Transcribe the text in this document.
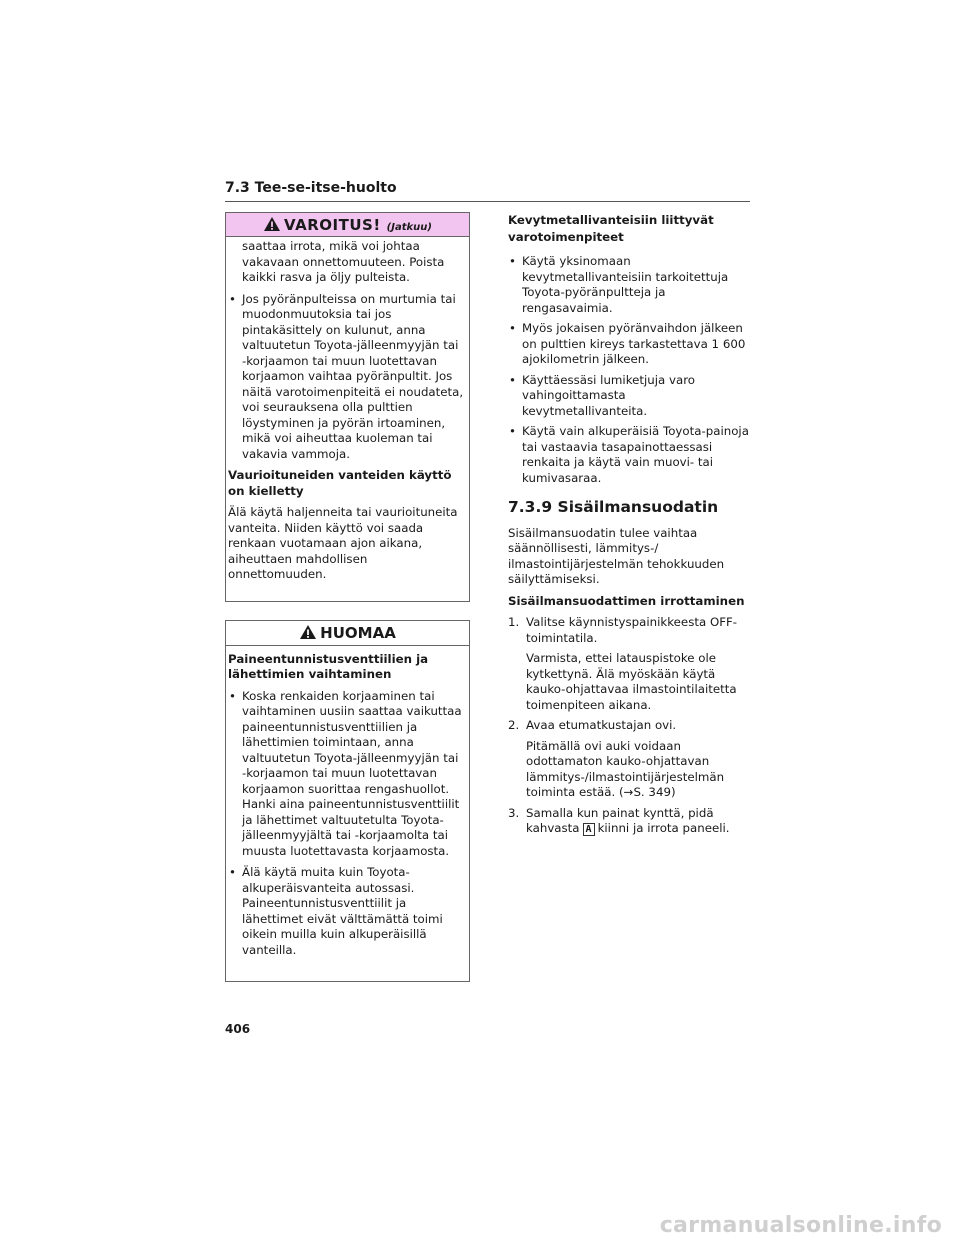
7.3 Tee-se-itse-huolto
VAROITUS! (Jatkuu)

saattaa irrota, mikä voi johtaa vakavaan onnettomuuteen. Poista kaikki rasva ja öljy pulteista.

• Jos pyöränpulteissa on murtumia tai muodonmuutoksia tai jos pintakäsittely on kulunut, anna valtuutetun Toyota-jälleenmyyjän tai -korjaamon tai muun luotettavan korjaamon vaihtaa pyöränpultit. Jos näitä varotoimenpiteitä ei noudateta, voi seurauksena olla pulttien löystyminen ja pyörän irtoaminen, mikä voi aiheuttaa kuoleman tai vakavia vammoja.

Vaurioituneiden vanteiden käyttö on kielletty

Älä käytä haljenneita tai vaurioituneita vanteita. Niiden käyttö voi saada renkaan vuotamaan ajon aikana, aiheuttaen mahdollisen onnettomuuden.

HUOMAA

Paineentunnistusventtiilien ja lähettimien vaihtaminen

• Koska renkaiden korjaaminen tai vaihtaminen uusiin saattaa vaikuttaa paineentunnistusventtiilien ja lähettimien toimintaan, anna valtuutetun Toyota-jälleenmyyjän tai -korjaamon tai muun luotettavan korjaamon suorittaa rengashuollot. Hanki aina paineentunnistusventtiilit ja lähettimet valtuutetulta Toyota-jälleenmyyjältä tai -korjaamolta tai muusta luotettavasta korjaamosta.
• Älä käytä muita kuin Toyota-alkuperäisvanteita autossasi. Paineentunnistusventtiilit ja lähettimet eivät välttämättä toimi oikein muilla kuin alkuperäisillä vanteilla.
Kevytmetallivanteisiin liittyvät varotoimenpiteet
• Käytä yksinomaan kevytmetallivanteisiin tarkoitettuja Toyota-pyöränpultteja ja rengasavaimia.
• Myös jokaisen pyöränvaihdon jälkeen on pulttien kireys tarkastettava 1 600 ajokilometrin jälkeen.
• Käyttäessäsi lumiketjuja varo vahingoittamasta kevytmetallivanteita.
• Käytä vain alkuperäisiä Toyota-painoja tai vastaavia tasapainottaessasi renkaita ja käytä vain muovi- tai kumivasaraa.
7.3.9 Sisäilmansuodatin

Sisäilmansuodatin tulee vaihtaa säännöllisesti, lämmitys-/ ilmastointijärjestelmän tehokkuuden säilyttämiseksi.

Sisäilmansuodattimen irrottaminen

1. Valitse käynnistyspainikkeesta OFF-toimintatila.

Varmista, ettei latauspistoke ole kytkettynä. Älä myöskään käytä kauko-ohjattavaa ilmastointilaitetta toimenpiteen aikana.

2. Avaa etumatkustajan ovi.

Pitämällä ovi auki voidaan odottamaton kauko-ohjattavan lämmitys-/ilmastointijärjestelmän toiminta estää. (→S. 349)

3. Samalla kun painat kynttä, pidä kahvasta A kiinni ja irrota paneeli.
406
carmanualsonline.info
